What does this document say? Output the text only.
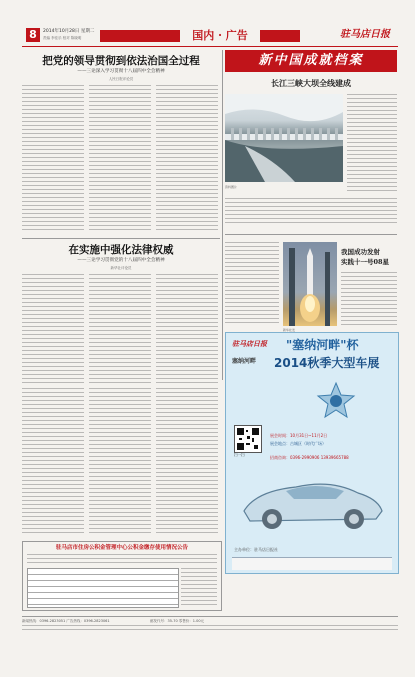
8	2014年10月28日 星期二
责编 李佳乐 校对 陈晓明	国内 · 广告	驻马店日报
把党的领导贯彻到依法治国全过程
——三论深入学习贯彻十八届四中全会精神
人民日报评论员
在实施中强化法律权威
——三论学习贯彻党的十八届四中全会精神
新华社评论员
新中国成就档案
长江三峡大坝全线建成
资料图片
我国成功发射
实践十一号08星
新华社发
驻马店日报 "塞纳河畔"杯
塞纳河畔 2014秋季大型车展
扫一扫
展会时间：10月31日~11月2日
展会地点：古城区（时代广场）
招商咨询：0396-2990906 13939665788
主办单位：驻马店日报社
驻马店市住房公积金管理中心公积金缴存使用情况公告
新闻热线：0396-2823051 广告热线：0396-2823061	邮发代号：35-70 零售价：1.00元
